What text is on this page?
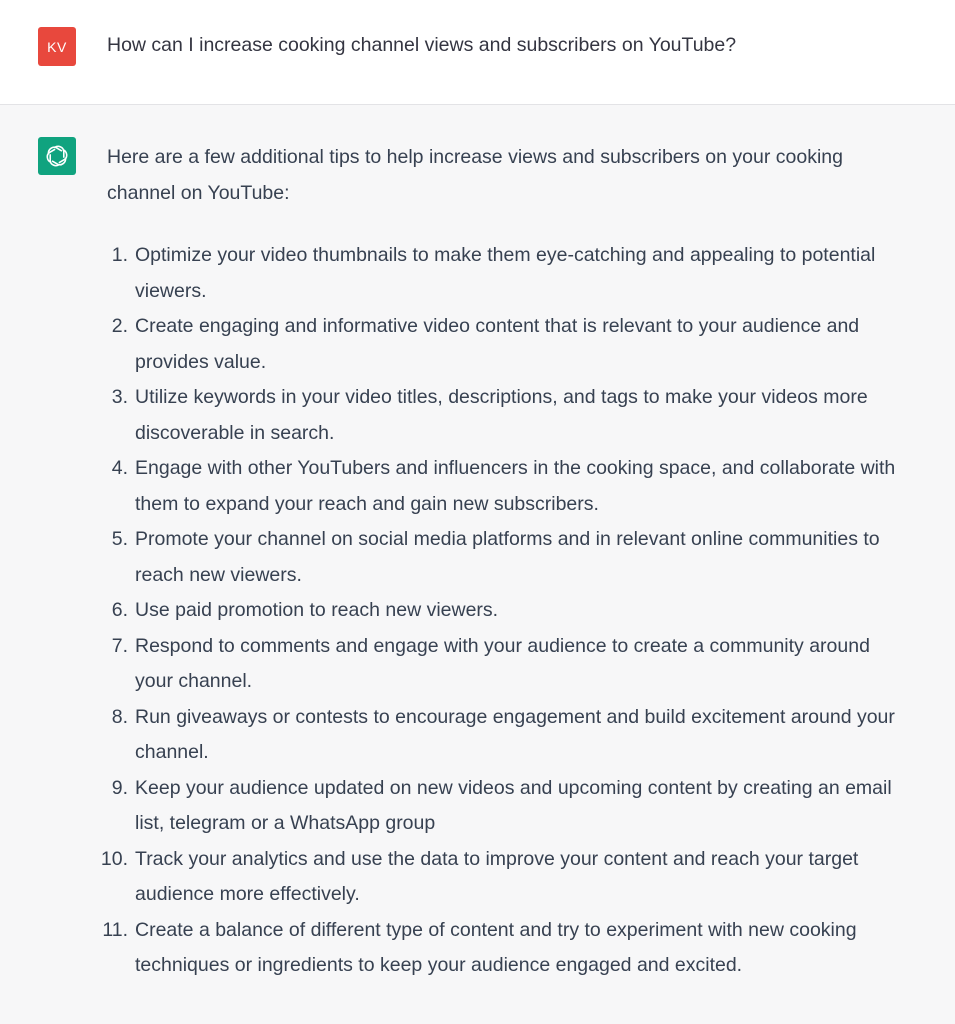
KV	How can I increase cooking channel views and subscribers on YouTube?

Here are a few additional tips to help increase views and subscribers on your cooking
channel on YouTube:

1. Optimize your video thumbnails to make them eye-catching and appealing to potential
viewers.
2. Create engaging and informative video content that is relevant to your audience and
provides value.
3. Utilize keywords in your video titles, descriptions, and tags to make your videos more
discoverable in search.
4. Engage with other YouTubers and influencers in the cooking space, and collaborate with
them to expand your reach and gain new subscribers.
5. Promote your channel on social media platforms and in relevant online communities to
reach new viewers.
6. Use paid promotion to reach new viewers.
7. Respond to comments and engage with your audience to create a community around
your channel.
8. Run giveaways or contests to encourage engagement and build excitement around your
channel.
9. Keep your audience updated on new videos and upcoming content by creating an email
list, telegram or a WhatsApp group
10. Track your analytics and use the data to improve your content and reach your target
audience more effectively.
11. Create a balance of different type of content and try to experiment with new cooking
techniques or ingredients to keep your audience engaged and excited.
